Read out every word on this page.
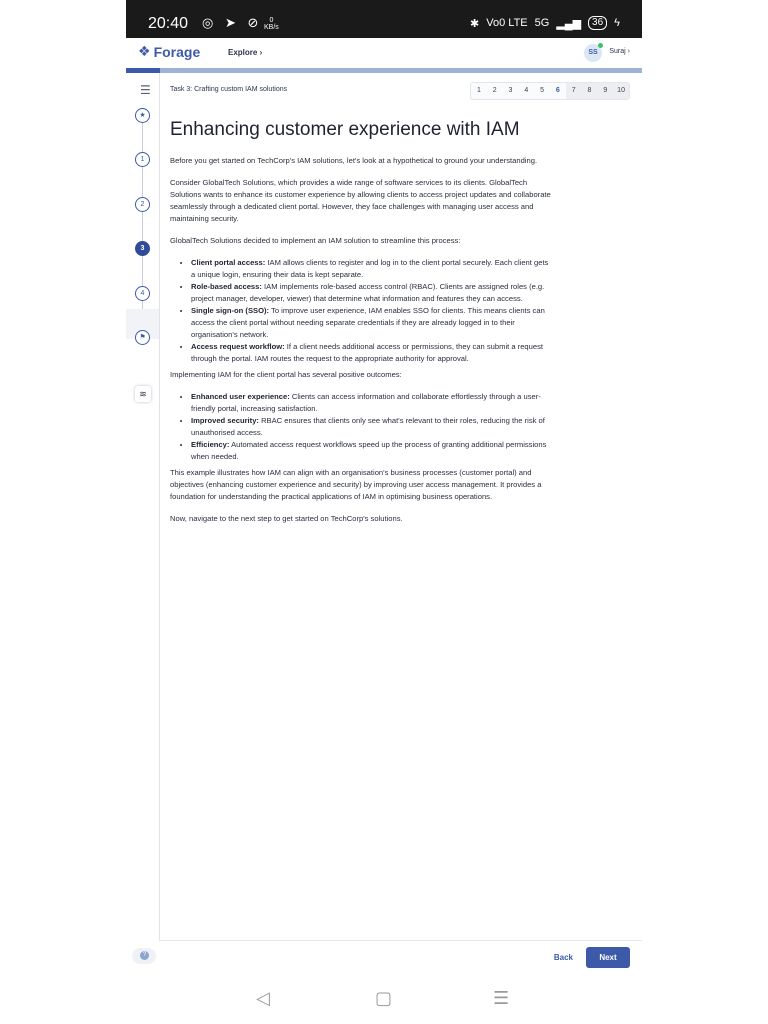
20:40 ◎ ➤ ⊘	0
KB/s	✱ Vo0 LTE 5G ▂▄▆	36	ϟ
❖ Forage	Explore ›	SS	Suraj ›
☰
★
1
2
3
4
⚑
≋
Task 3: Crafting custom IAM solutions	1	2	3	4	5	6	7	8	9	10
Enhancing customer experience with IAM

Before you get started on TechCorp's IAM solutions, let's look at a hypothetical to ground your understanding.

Consider GlobalTech Solutions, which provides a wide range of software services to its clients. GlobalTech Solutions wants to enhance its customer experience by allowing clients to access project updates and collaborate seamlessly through a dedicated client portal. However, they face challenges with managing user access and maintaining security.

GlobalTech Solutions decided to implement an IAM solution to streamline this process:

• Client portal access: IAM allows clients to register and log in to the client portal securely. Each client gets a unique login, ensuring their data is kept separate.
• Role-based access: IAM implements role-based access control (RBAC). Clients are assigned roles (e.g. project manager, developer, viewer) that determine what information and features they can access.
• Single sign-on (SSO): To improve user experience, IAM enables SSO for clients. This means clients can access the client portal without needing separate credentials if they are already logged in to their organisation's network.
• Access request workflow: If a client needs additional access or permissions, they can submit a request through the portal. IAM routes the request to the appropriate authority for approval.

Implementing IAM for the client portal has several positive outcomes:

• Enhanced user experience: Clients can access information and collaborate effortlessly through a user-friendly portal, increasing satisfaction.
• Improved security: RBAC ensures that clients only see what's relevant to their roles, reducing the risk of unauthorised access.
• Efficiency: Automated access request workflows speed up the process of granting additional permissions when needed.

This example illustrates how IAM can align with an organisation's business processes (customer portal) and objectives (enhancing customer experience and security) by improving user access management. It provides a foundation for understanding the practical applications of IAM in optimising business operations.

Now, navigate to the next step to get started on TechCorp's solutions.

?	Back	Next
◁	▢	☰
